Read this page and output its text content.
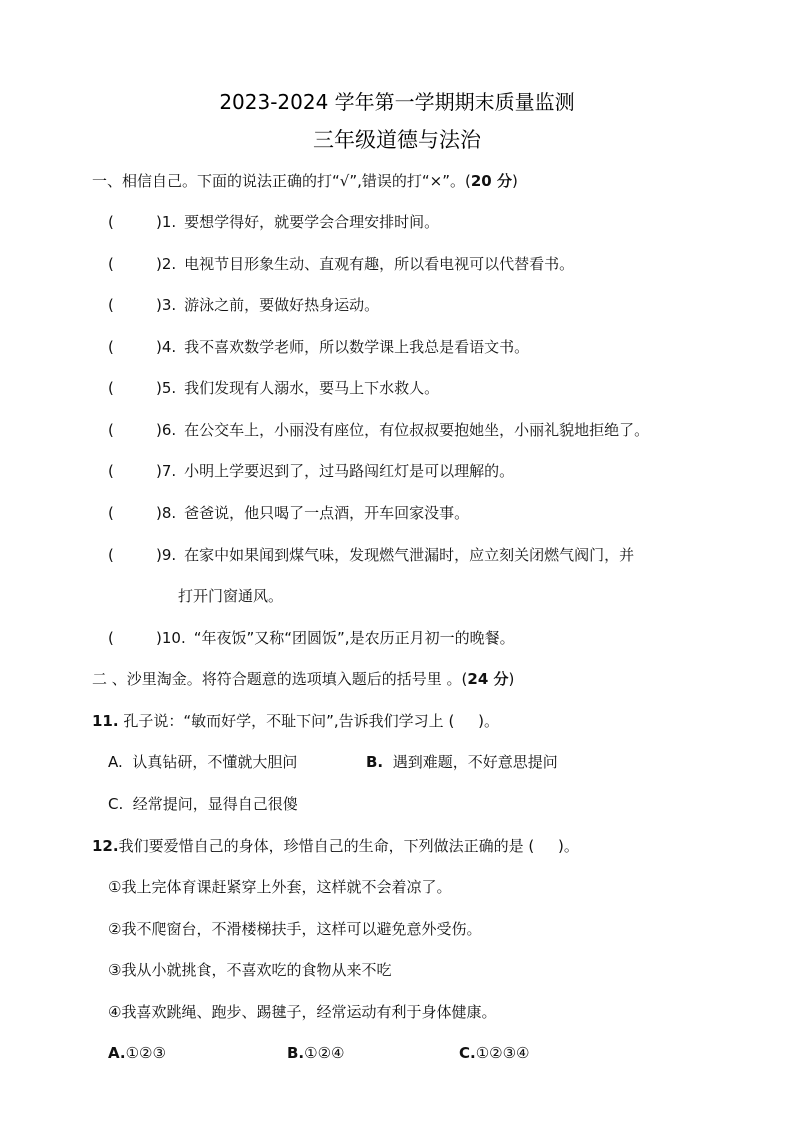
2023-2024 学年第一学期期末质量监测
三年级道德与法治
一、相信自己。下面的说法正确的打“√”,错误的打“×”。(20 分)
(	)1. 要想学得好，就要学会合理安排时间。
(	)2. 电视节目形象生动、直观有趣，所以看电视可以代替看书。
(	)3. 游泳之前，要做好热身运动。
(	)4. 我不喜欢数学老师，所以数学课上我总是看语文书。
(	)5. 我们发现有人溺水，要马上下水救人。
(	)6. 在公交车上，小丽没有座位，有位叔叔要抱她坐，小丽礼貌地拒绝了。
(	)7. 小明上学要迟到了，过马路闯红灯是可以理解的。
(	)8. 爸爸说，他只喝了一点酒，开车回家没事。
(	)9. 在家中如果闻到煤气味，发现燃气泄漏时，应立刻关闭燃气阀门，并
打开门窗通风。
(	)10. “年夜饭”又称“团圆饭”,是农历正月初一的晚餐。
二 、沙里淘金。将符合题意的选项填入题后的括号里 。(24 分)
11. 孔子说：“敏而好学，不耻下问”,告诉我们学习上 ( )。
A. 认真钻研，不懂就大胆问	B. 遇到难题，不好意思提问
C. 经常提问，显得自己很傻
12.我们要爱惜自己的身体，珍惜自己的生命，下列做法正确的是 ( )。
①我上完体育课赶紧穿上外套，这样就不会着凉了。
②我不爬窗台，不滑楼梯扶手，这样可以避免意外受伤。
③我从小就挑食，不喜欢吃的食物从来不吃
④我喜欢跳绳、跑步、踢毽子，经常运动有利于身体健康。
A.①②③	B.①②④	C.①②③④
